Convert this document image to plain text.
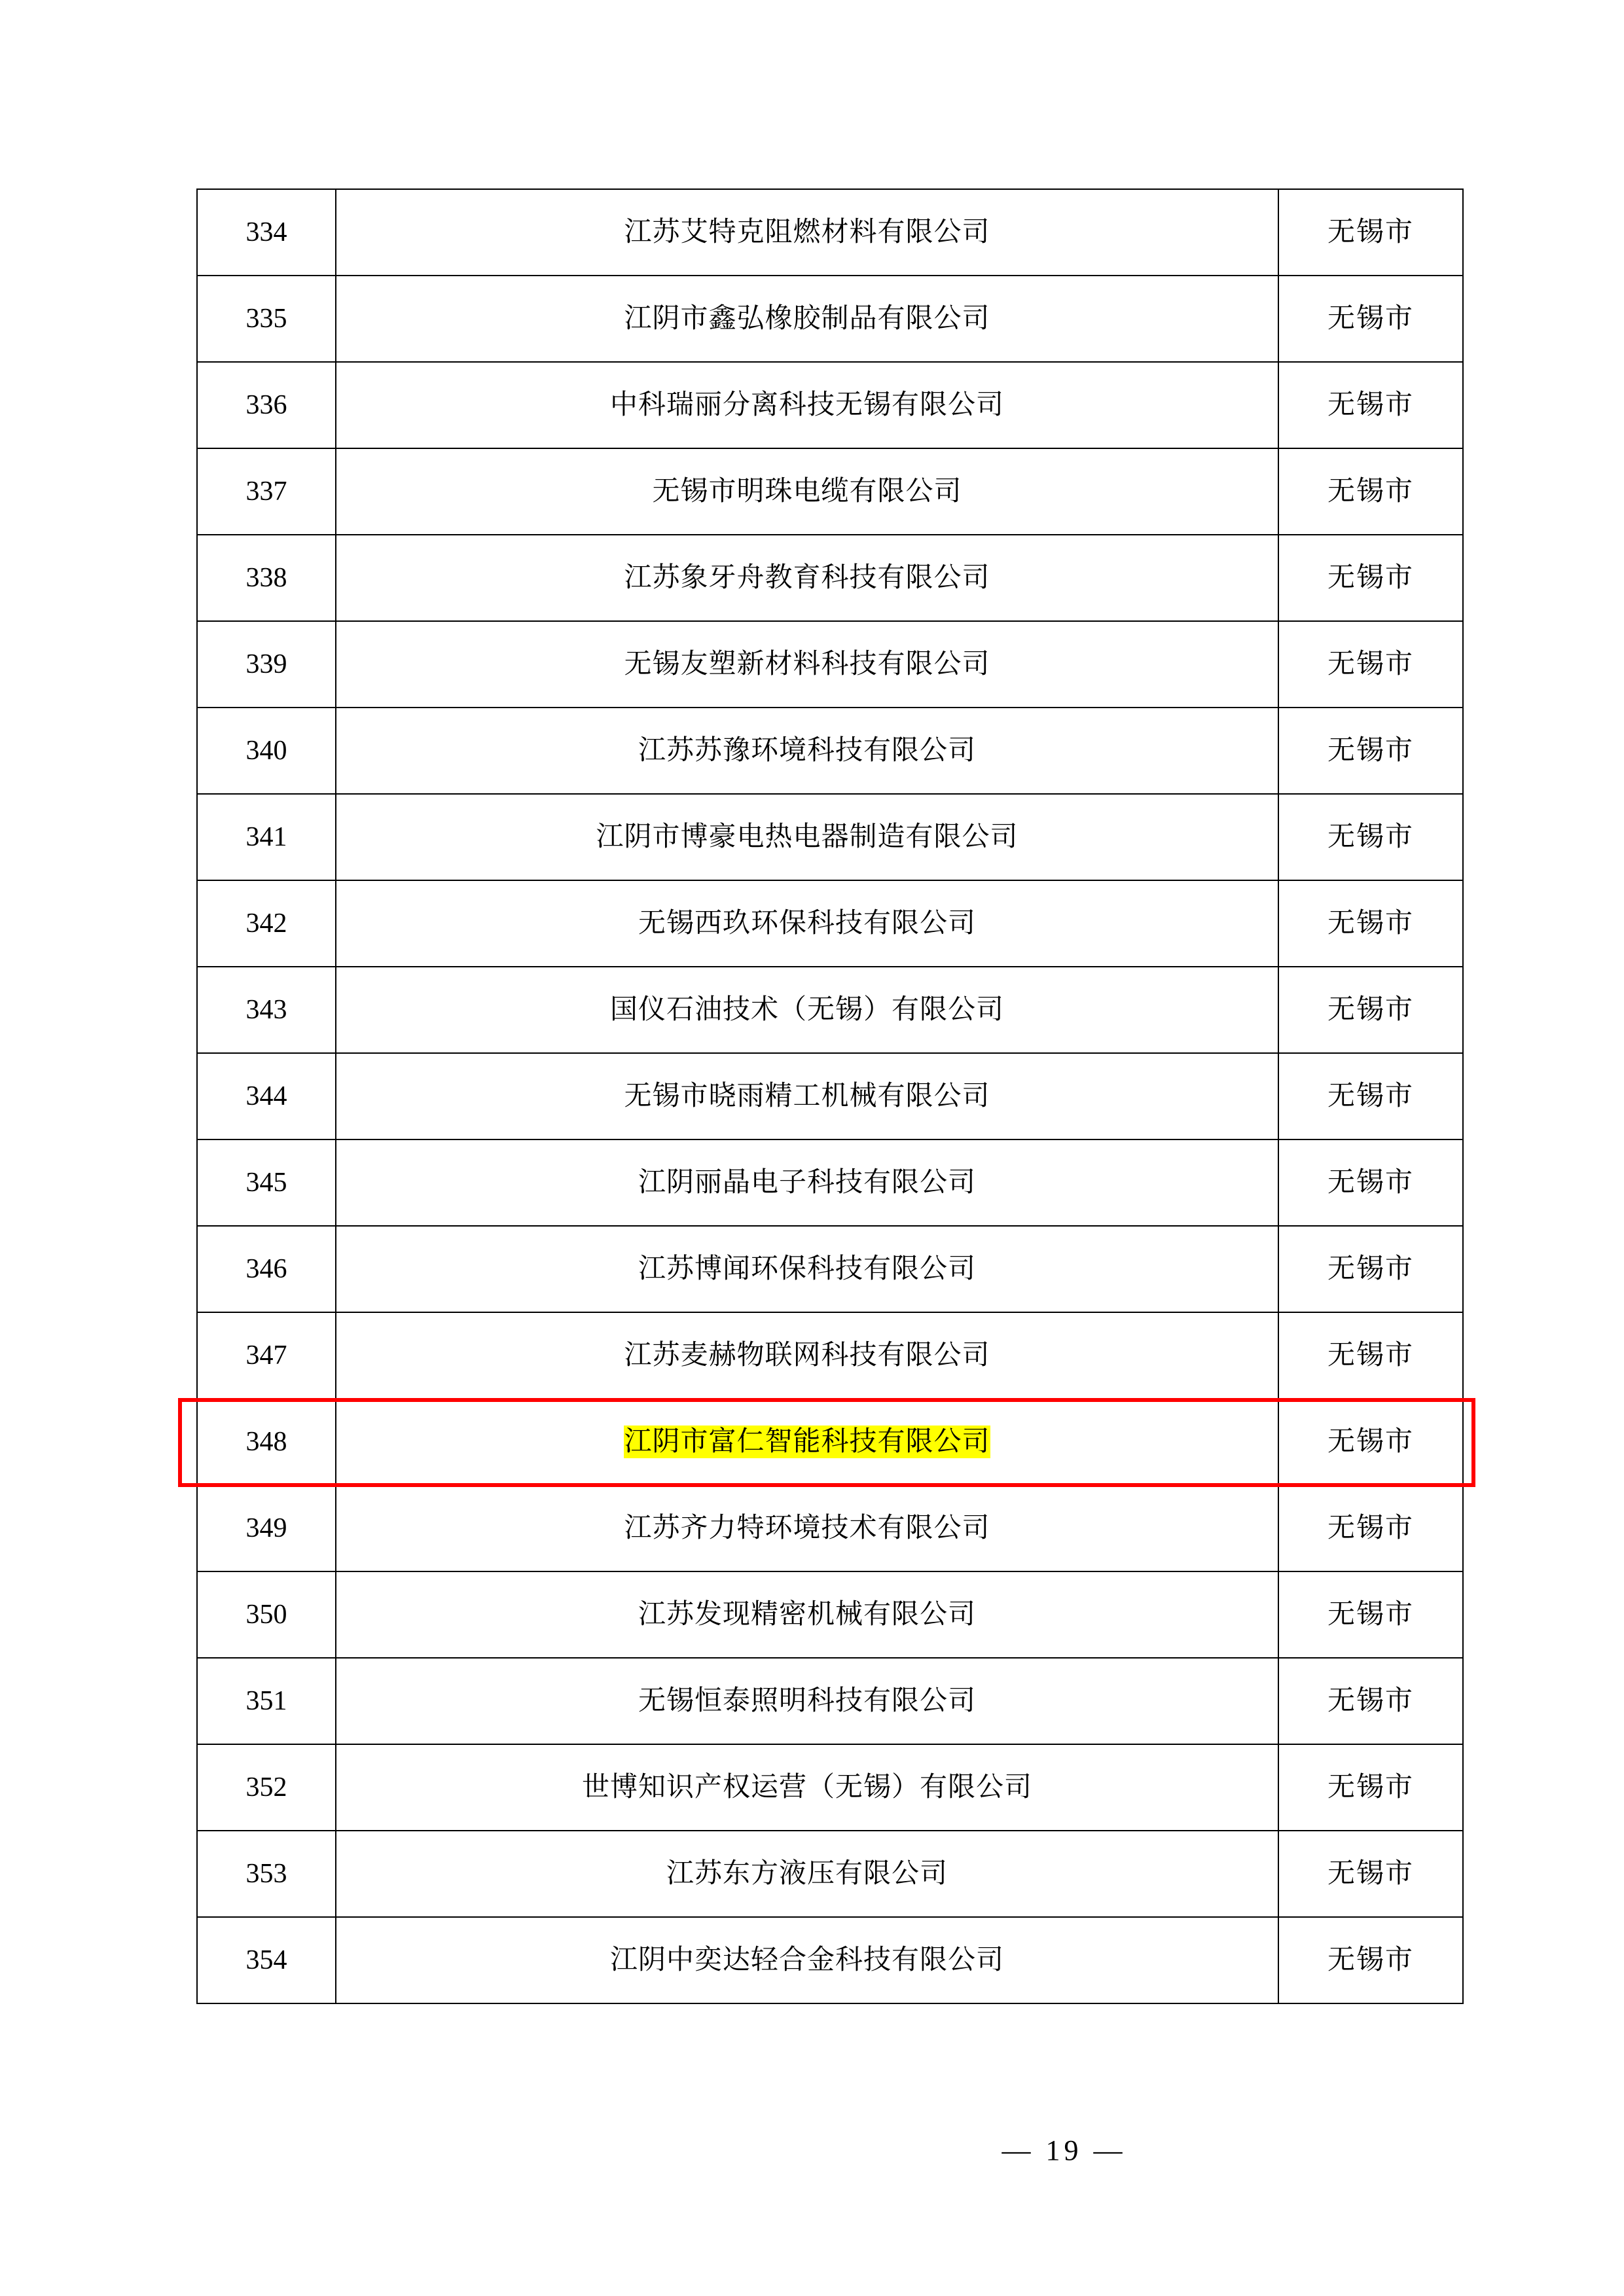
334	江苏艾特克阻燃材料有限公司	无锡市
335	江阴市鑫弘橡胶制品有限公司	无锡市
336	中科瑞丽分离科技无锡有限公司	无锡市
337	无锡市明珠电缆有限公司	无锡市
338	江苏象牙舟教育科技有限公司	无锡市
339	无锡友塑新材料科技有限公司	无锡市
340	江苏苏豫环境科技有限公司	无锡市
341	江阴市博豪电热电器制造有限公司	无锡市
342	无锡西玖环保科技有限公司	无锡市
343	国仪石油技术（无锡）有限公司	无锡市
344	无锡市晓雨精工机械有限公司	无锡市
345	江阴丽晶电子科技有限公司	无锡市
346	江苏博闻环保科技有限公司	无锡市
347	江苏麦赫物联网科技有限公司	无锡市
348	江阴市富仁智能科技有限公司	无锡市
349	江苏齐力特环境技术有限公司	无锡市
350	江苏发现精密机械有限公司	无锡市
351	无锡恒泰照明科技有限公司	无锡市
352	世博知识产权运营（无锡）有限公司	无锡市
353	江苏东方液压有限公司	无锡市
354	江阴中奕达轻合金科技有限公司	无锡市
— 19 —
